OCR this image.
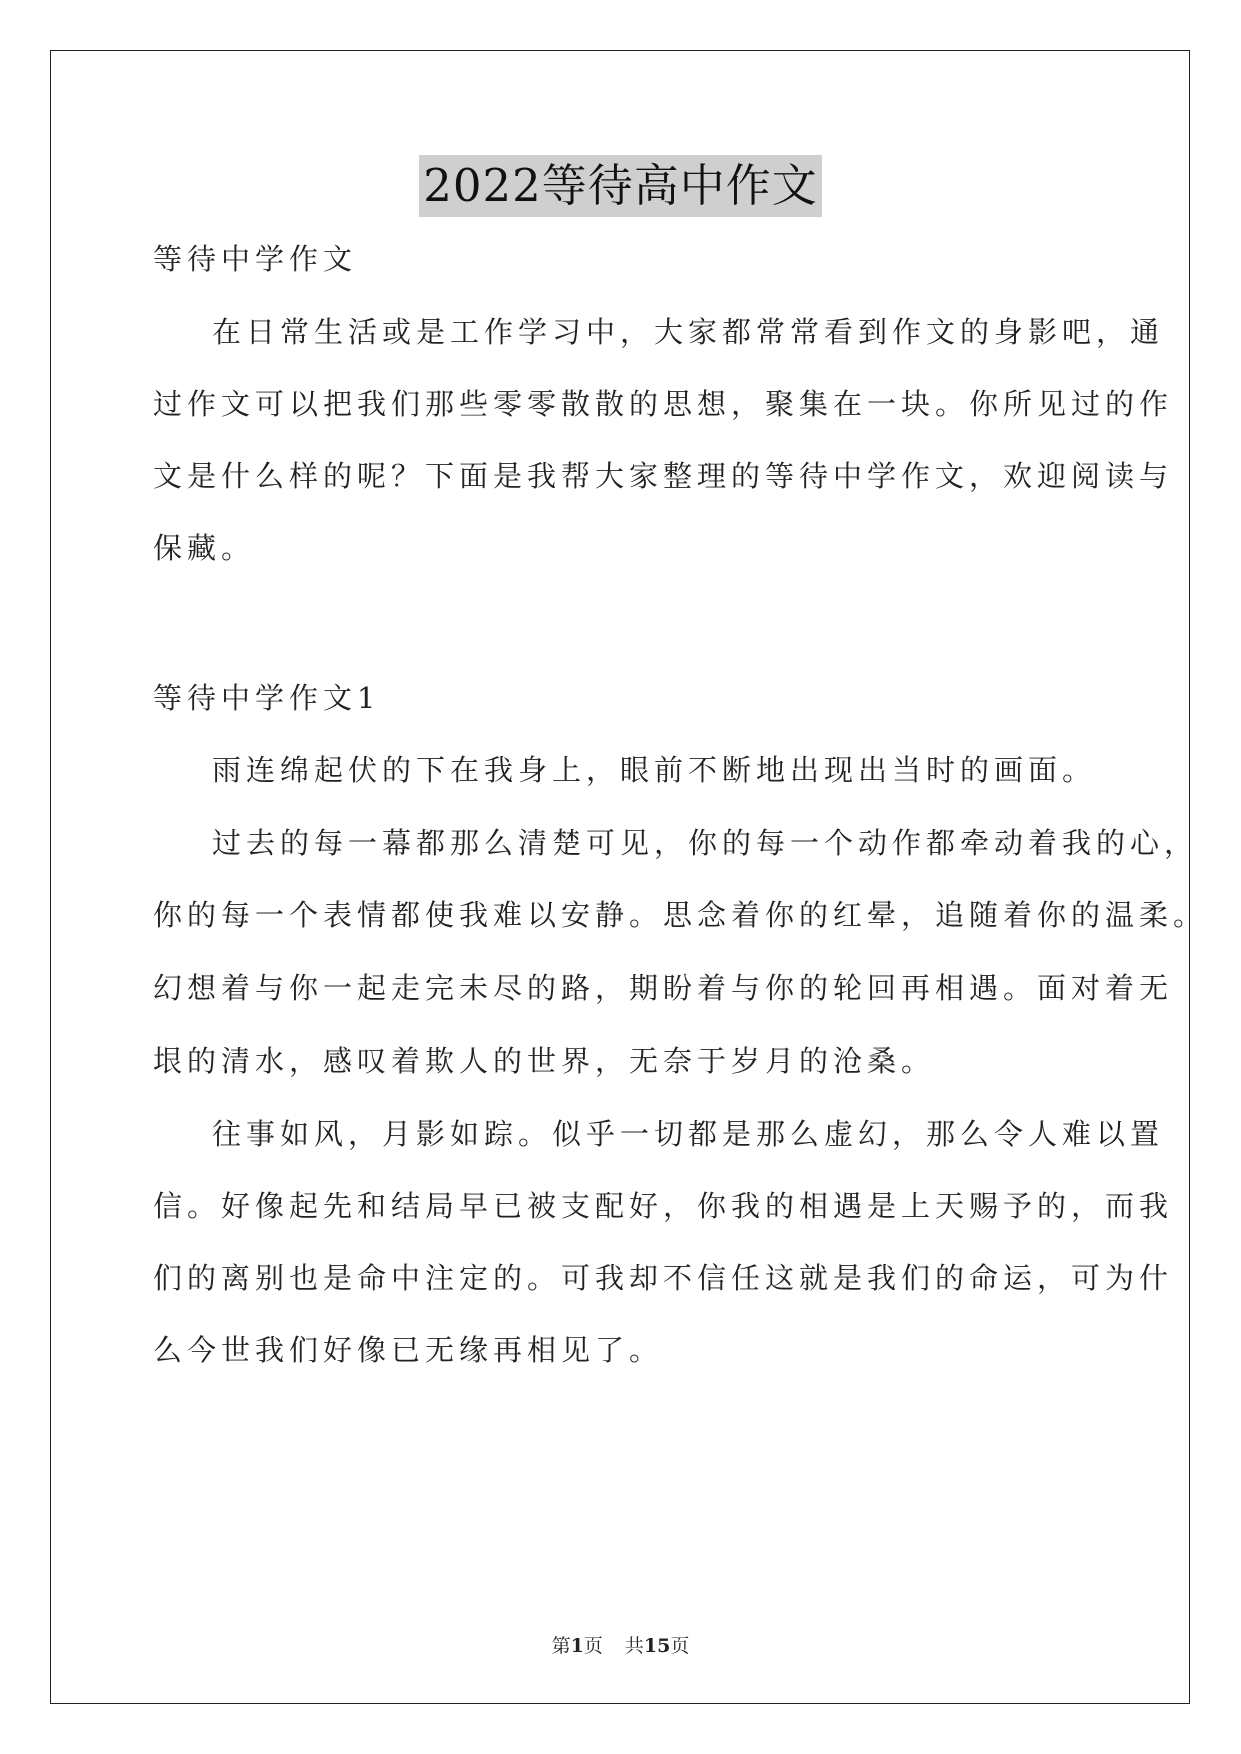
2022等待高中作文
等待中学作文
在日常生活或是工作学习中，大家都常常看到作文的身影吧，通
过作文可以把我们那些零零散散的思想，聚集在一块。你所见过的作
文是什么样的呢？下面是我帮大家整理的等待中学作文，欢迎阅读与
保藏。
等待中学作文1
雨连绵起伏的下在我身上，眼前不断地出现出当时的画面。
过去的每一幕都那么清楚可见，你的每一个动作都牵动着我的心，
你的每一个表情都使我难以安静。思念着你的红晕，追随着你的温柔。
幻想着与你一起走完未尽的路，期盼着与你的轮回再相遇。面对着无
垠的清水，感叹着欺人的世界，无奈于岁月的沧桑。
往事如风，月影如踪。似乎一切都是那么虚幻，那么令人难以置
信。好像起先和结局早已被支配好，你我的相遇是上天赐予的，而我
们的离别也是命中注定的。可我却不信任这就是我们的命运，可为什
么今世我们好像已无缘再相见了。
第1页 共15页
